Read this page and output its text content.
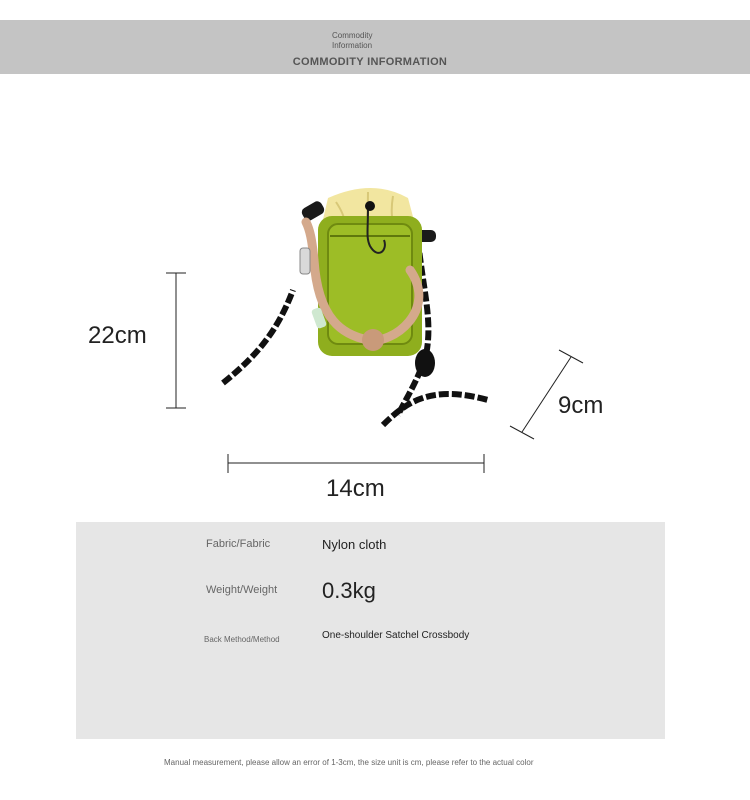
Commodity
Information
COMMODITY INFORMATION
22cm
9cm
14cm
Fabric/Fabric	Nylon cloth
Weight/Weight 0.3kg
Back Method/Method	One-shoulder Satchel Crossbody
Manual measurement, please allow an error of 1-3cm, the size unit is cm, please refer to the actual color
